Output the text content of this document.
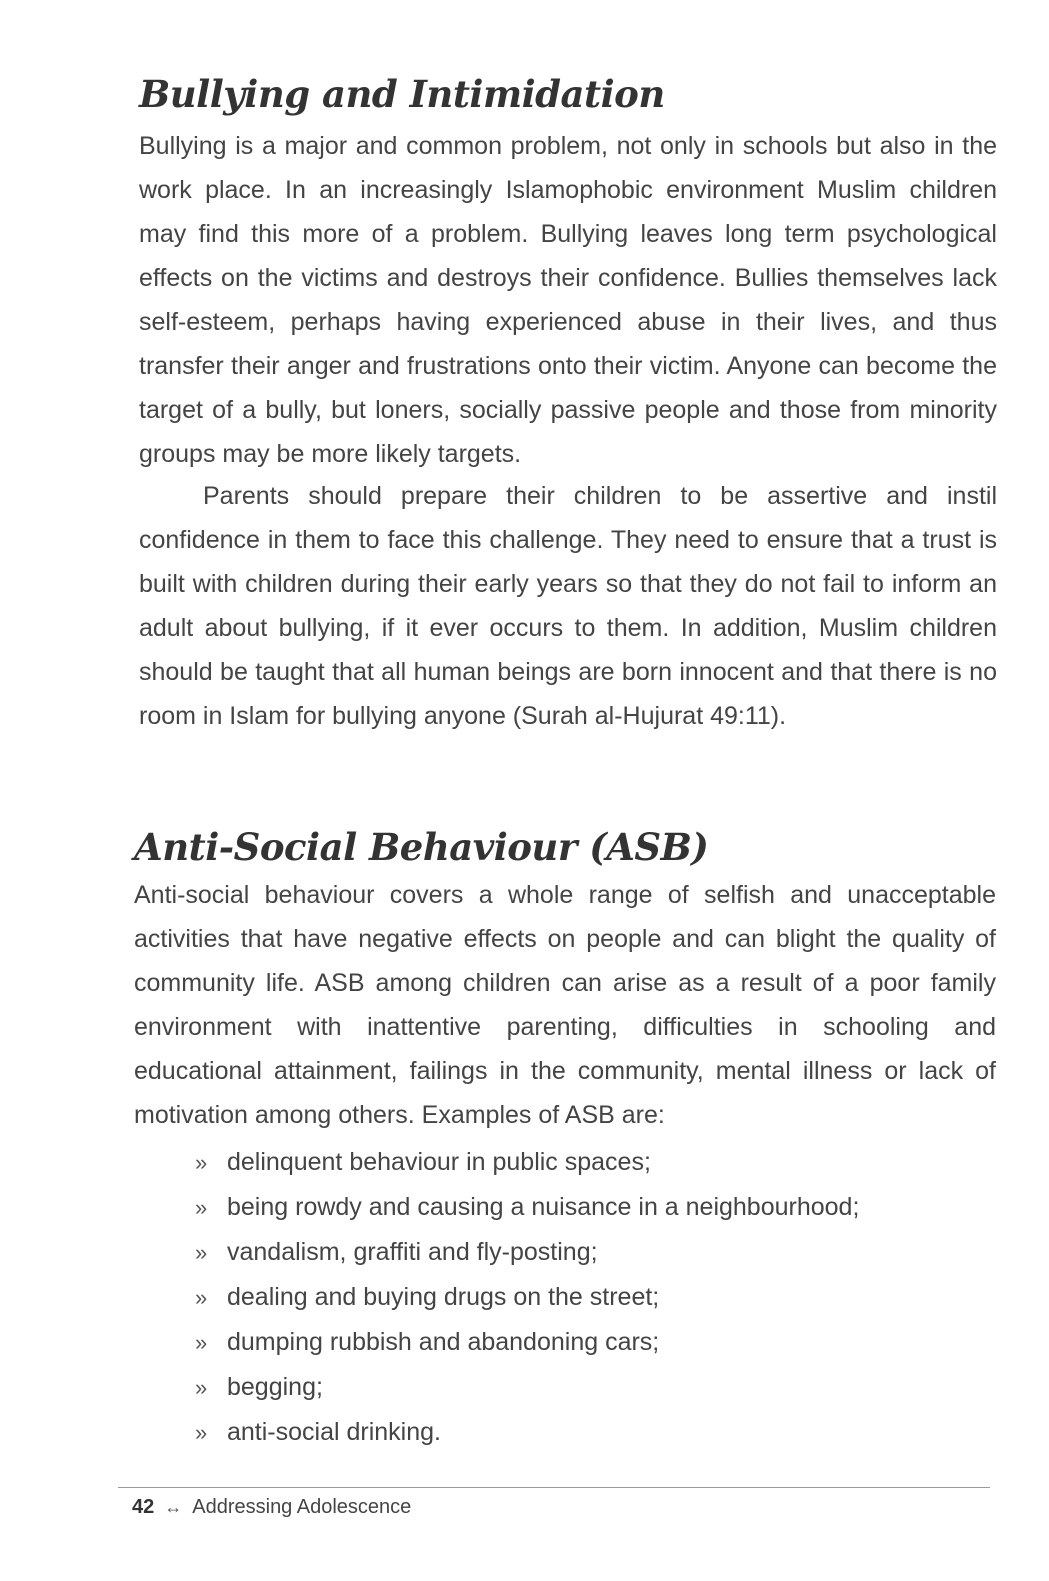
Bullying and Intimidation

Bullying is a major and common problem, not only in schools but also in the work place. In an increasingly Islamophobic environment Muslim children may find this more of a problem. Bullying leaves long term psychological effects on the victims and destroys their confidence. Bullies themselves lack self-esteem, perhaps having experienced abuse in their lives, and thus transfer their anger and frustrations onto their victim. Anyone can become the target of a bully, but loners, socially passive people and those from minority groups may be more likely targets.

Parents should prepare their children to be assertive and instil confidence in them to face this challenge. They need to ensure that a trust is built with children during their early years so that they do not fail to inform an adult about bullying, if it ever occurs to them. In addition, Muslim children should be taught that all human beings are born innocent and that there is no room in Islam for bullying anyone (Surah al-Hujurat 49:11).

Anti-Social Behaviour (ASB)

Anti-social behaviour covers a whole range of selfish and unacceptable activities that have negative effects on people and can blight the quality of community life. ASB among children can arise as a result of a poor family environment with inattentive parenting, difficulties in schooling and educational attainment, failings in the community, mental illness or lack of motivation among others. Examples of ASB are:

» delinquent behaviour in public spaces;
» being rowdy and causing a nuisance in a neighbourhood;
» vandalism, graffiti and fly-posting;
» dealing and buying drugs on the street;
» dumping rubbish and abandoning cars;
» begging;
» anti-social drinking.
42 ↔ Addressing Adolescence
